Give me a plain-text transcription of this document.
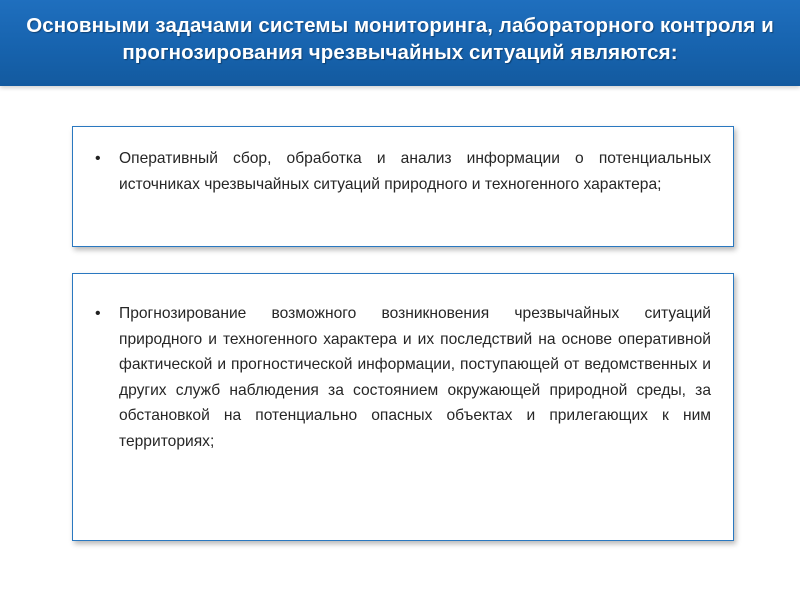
Основными задачами системы мониторинга, лабораторного контроля и прогнозирования чрезвычайных ситуаций являются:
• Оперативный сбор, обработка и анализ информации о потенциальных источниках чрезвычайных ситуаций природного и техногенного характера;
• Прогнозирование возможного возникновения чрезвычайных ситуаций природного и техногенного характера и их последствий на основе оперативной фактической и прогностической информации, поступающей от ведомственных и других служб наблюдения за состоянием окружающей природной среды, за обстановкой на потенциально опасных объектах и прилегающих к ним территориях;
